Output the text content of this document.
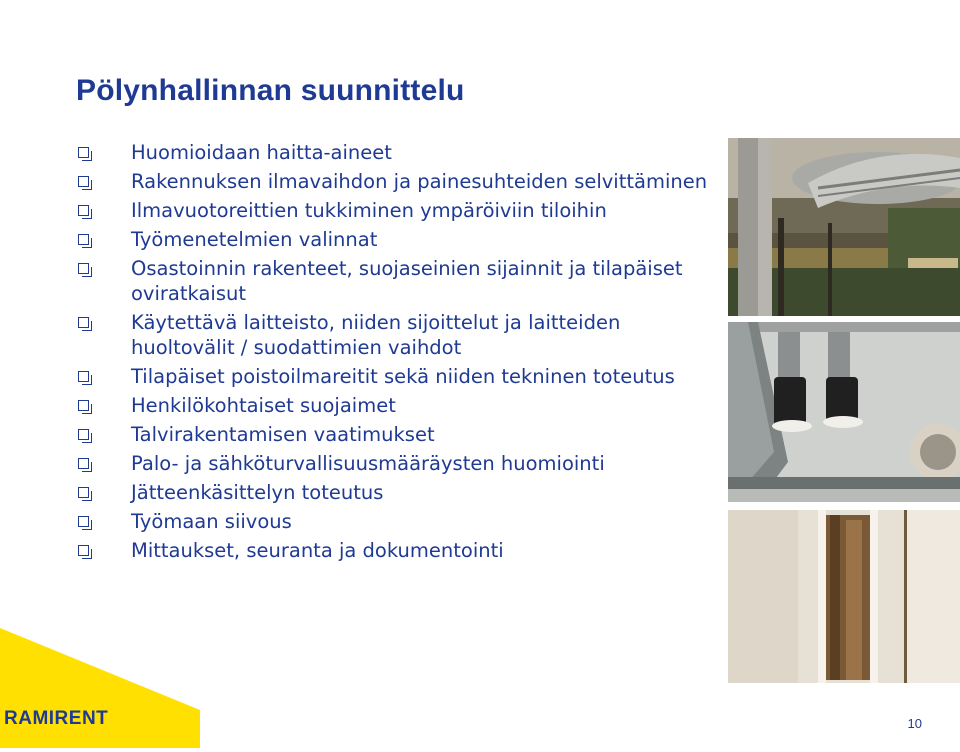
Pölynhallinnan suunnittelu
Huomioidaan haitta-aineet
Rakennuksen ilmavaihdon ja painesuhteiden selvittäminen
Ilmavuotoreittien tukkiminen ympäröiviin tiloihin
Työmenetelmien valinnat
Osastoinnin rakenteet, suojaseinien sijainnit ja tilapäiset oviratkaisut
Käytettävä laitteisto, niiden sijoittelut ja laitteiden huoltovälit / suodattimien vaihdot
Tilapäiset poistoilmareitit sekä niiden tekninen toteutus
Henkilökohtaiset suojaimet
Talvirakentamisen vaatimukset
Palo- ja sähköturvallisuusmääräysten huomiointi
Jätteenkäsittelyn toteutus
Työmaan siivous
Mittaukset, seuranta ja dokumentointi
RAMIRENT	10
